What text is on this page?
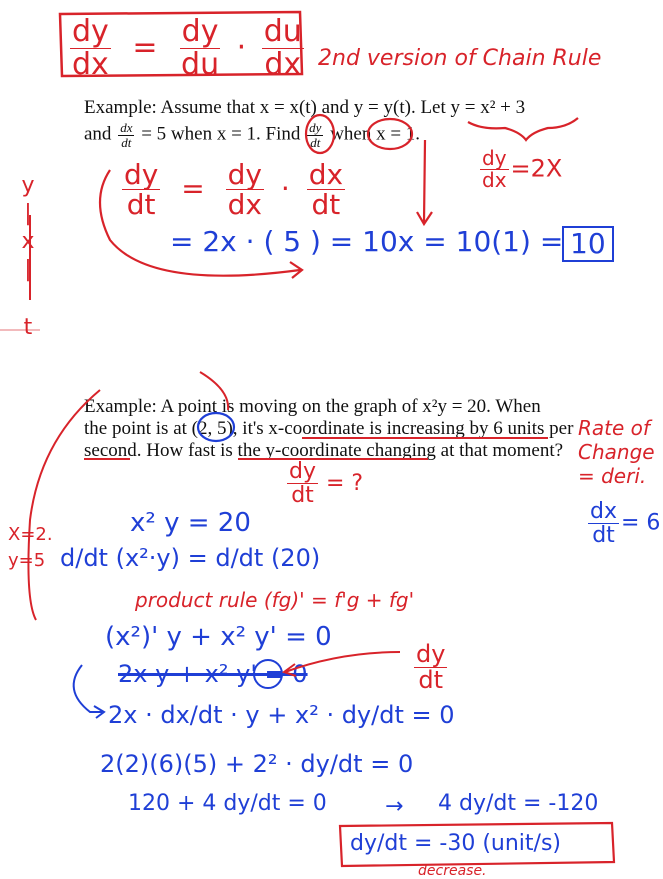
$\frac{dy}{dx} = \frac{dy}{du} \cdot \frac{du}{dx} 2nd$ version of Chain Rule
Example: Assume that x = x(t) and y = y(t). Let y = x² + 3
and $\frac{dx}{dt} = 5$ when x = 1. Find $\frac{dy}{dt}$ when x = 1.
y
|
x
|
t
$\frac{dy}{dt} = \frac{dy}{dx} \cdot \frac{dx}{dt}$	$\frac{dy}{dx} =2X$
= 2x · ( 5 ) = 10x = 10(1) = 10
Example: A point is moving on the graph of x²y = 20. When
the point is at (2, 5), it's x-coordinate is increasing by 6 units per
second. How fast is the y-coordinate changing at that moment?
Rate of
Change
= deri.
$\frac{dx}{dt} = 6$
$\frac{dy}{dt}$ = ?
X=2.
y=5
x² y = 20
d/dt (x²·y) = d/dt (20)
product rule (fg)' = f'g + fg'
(x²)' y + x² y' = 0
2x y + x² y' = 0	$\frac{dy}{dt}$
2x · dx/dt · y + x² · dy/dt = 0
2(2)(6)(5) + 2² · dy/dt = 0
120 + 4 dy/dt = 0	→ 4 dy/dt = -120
dy/dt = -30 (unit/s)
decrease.
